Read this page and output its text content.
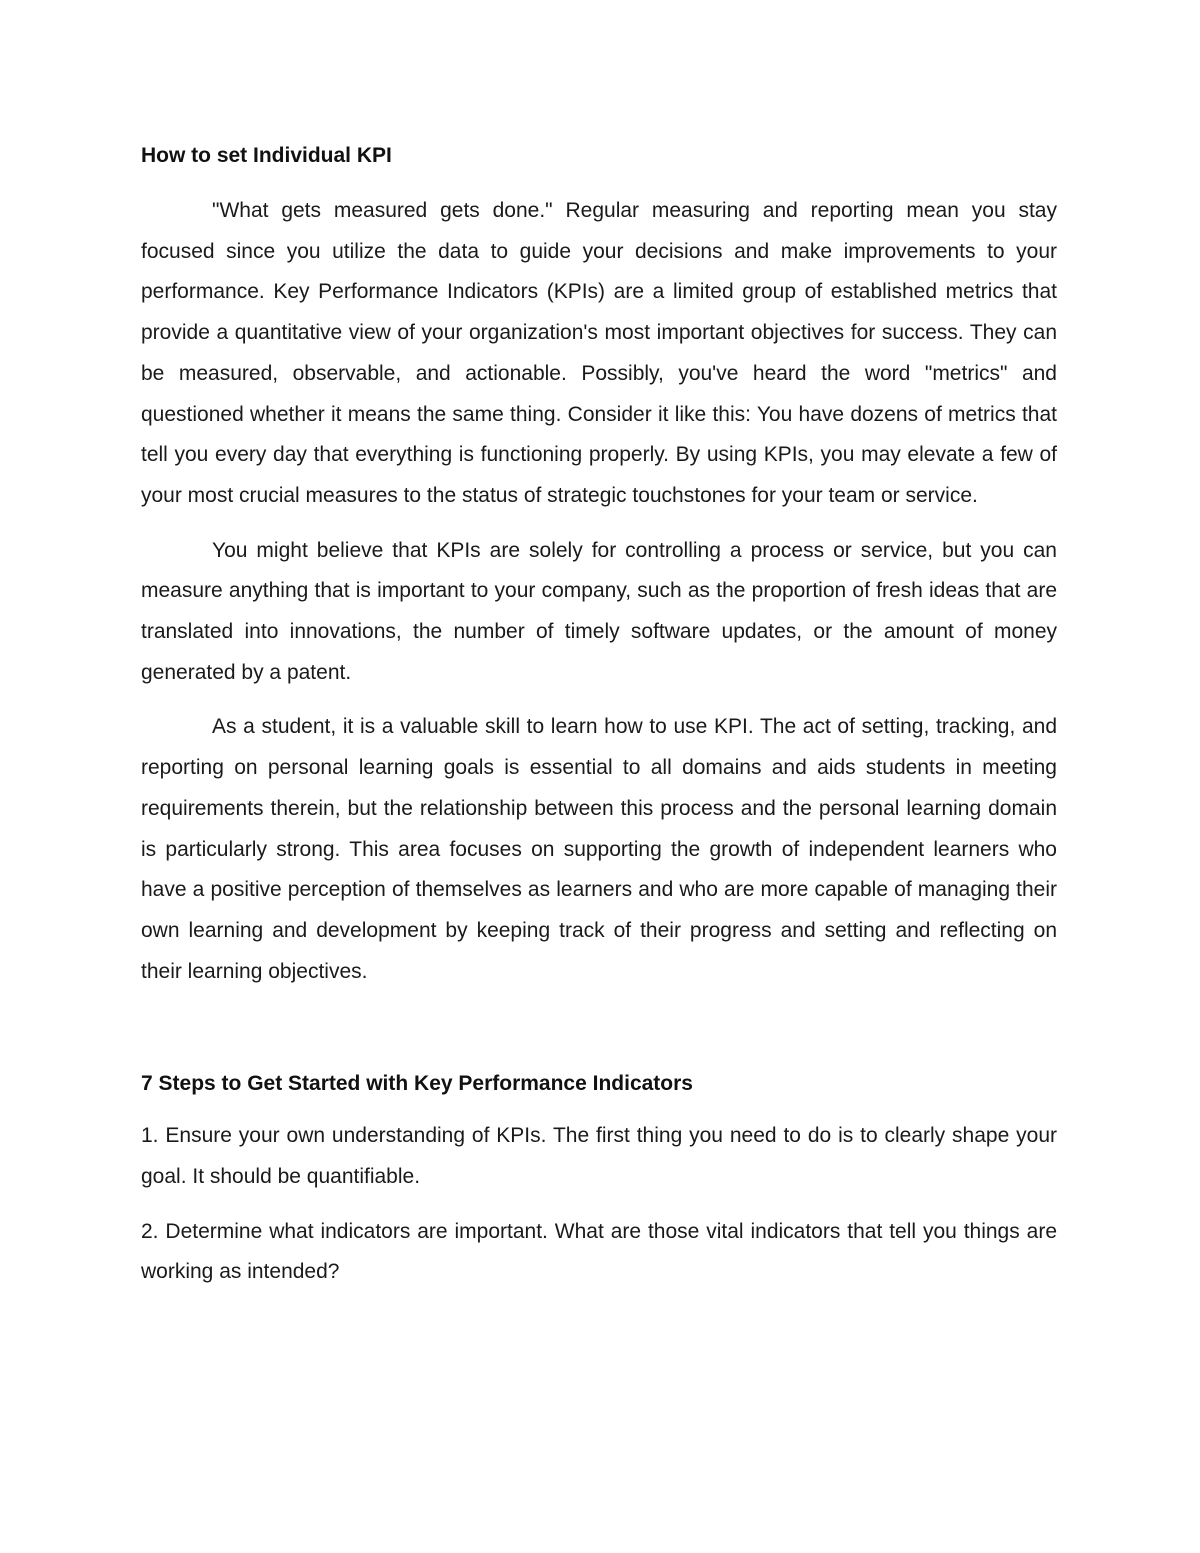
How to set Individual KPI

"What gets measured gets done." Regular measuring and reporting mean you stay focused since you utilize the data to guide your decisions and make improvements to your performance. Key Performance Indicators (KPIs) are a limited group of established metrics that provide a quantitative view of your organization's most important objectives for success. They can be measured, observable, and actionable. Possibly, you've heard the word "metrics" and questioned whether it means the same thing. Consider it like this: You have dozens of metrics that tell you every day that everything is functioning properly. By using KPIs, you may elevate a few of your most crucial measures to the status of strategic touchstones for your team or service.

You might believe that KPIs are solely for controlling a process or service, but you can measure anything that is important to your company, such as the proportion of fresh ideas that are translated into innovations, the number of timely software updates, or the amount of money generated by a patent.

As a student, it is a valuable skill to learn how to use KPI. The act of setting, tracking, and reporting on personal learning goals is essential to all domains and aids students in meeting requirements therein, but the relationship between this process and the personal learning domain is particularly strong. This area focuses on supporting the growth of independent learners who have a positive perception of themselves as learners and who are more capable of managing their own learning and development by keeping track of their progress and setting and reflecting on their learning objectives.

7 Steps to Get Started with Key Performance Indicators

1. Ensure your own understanding of KPIs. The first thing you need to do is to clearly shape your goal. It should be quantifiable.

2. Determine what indicators are important. What are those vital indicators that tell you things are working as intended?
